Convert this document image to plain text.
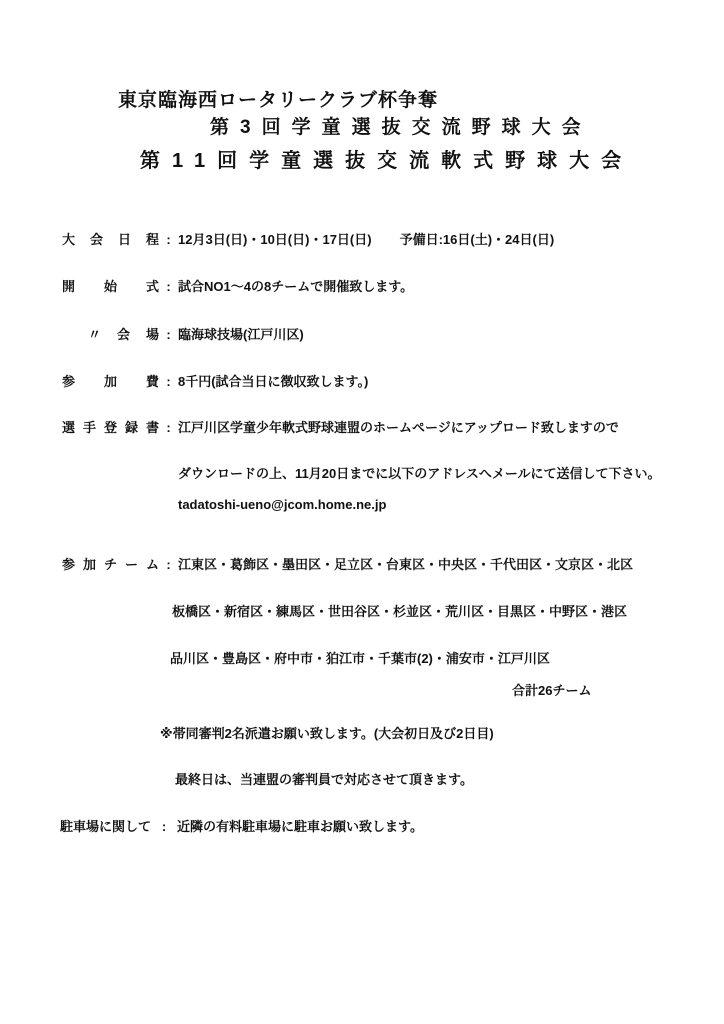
東京臨海西ロータリークラブ杯争奪
第3回学童選抜交流野球大会
第11回学童選抜交流軟式野球大会
大会日程 : 12月3日(日)・10日(日)・17日(日) 予備日:16日(土)・24日(日)
開始式 : 試合NO1〜4の8チームで開催致します。
〃会場 : 臨海球技場(江戸川区)
参加費 : 8千円(試合当日に徴収致します。)
選手登録書 : 江戸川区学童少年軟式野球連盟のホームページにアップロード致しますので
ダウンロードの上、11月20日までに以下のアドレスへメールにて送信して下さい。
tadatoshi-ueno@jcom.home.ne.jp
参加チーム : 江東区・葛飾区・墨田区・足立区・台東区・中央区・千代田区・文京区・北区
板橋区・新宿区・練馬区・世田谷区・杉並区・荒川区・目黒区・中野区・港区
品川区・豊島区・府中市・狛江市・千葉市(2)・浦安市・江戸川区
合計26チーム
※帯同審判2名派遣お願い致します。(大会初日及び2日目)
最終日は、当連盟の審判員で対応させて頂きます。
駐車場に関して : 近隣の有料駐車場に駐車お願い致します。
